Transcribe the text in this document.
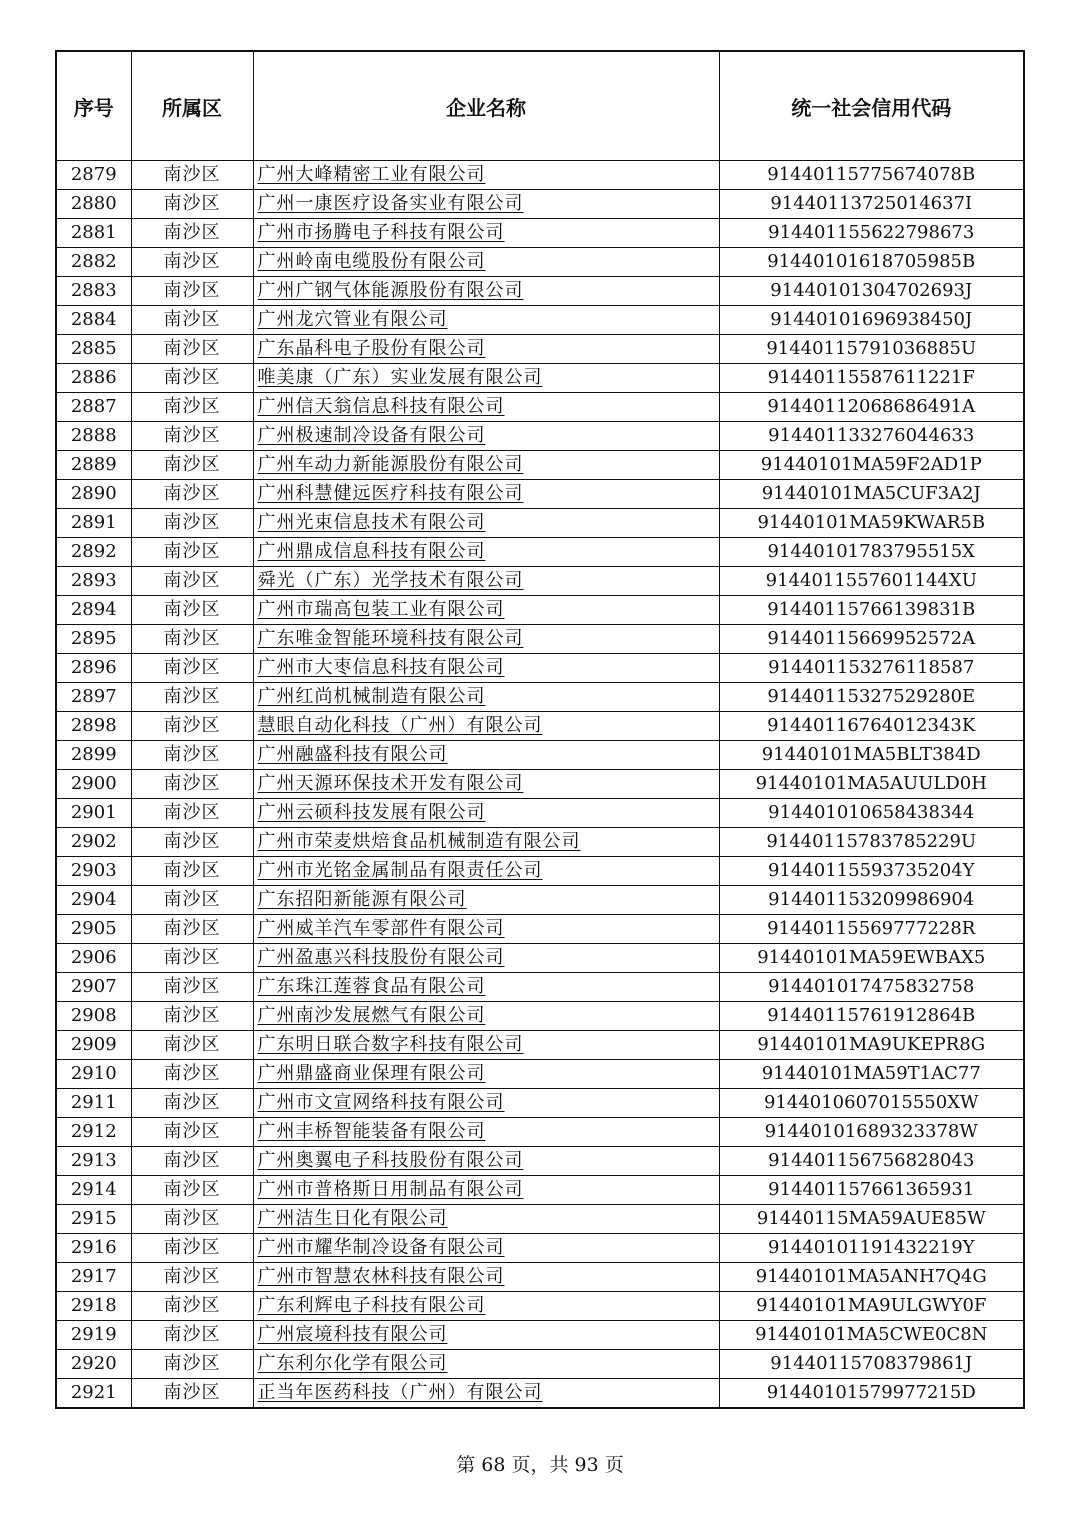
序号	所属区	企业名称	统一社会信用代码
2879	南沙区	广州大峰精密工业有限公司	91440115775674078B
2880	南沙区	广州一康医疗设备实业有限公司	91440113725014637I
2881	南沙区	广州市扬腾电子科技有限公司	914401155622798673
2882	南沙区	广州岭南电缆股份有限公司	91440101618705985B
2883	南沙区	广州广钢气体能源股份有限公司	91440101304702693J
2884	南沙区	广州龙穴管业有限公司	91440101696938450J
2885	南沙区	广东晶科电子股份有限公司	91440115791036885U
2886	南沙区	唯美康（广东）实业发展有限公司	91440115587611221F
2887	南沙区	广州信天翁信息科技有限公司	91440112068686491A
2888	南沙区	广州极速制冷设备有限公司	914401133276044633
2889	南沙区	广州车动力新能源股份有限公司	91440101MA59F2AD1P
2890	南沙区	广州科慧健远医疗科技有限公司	91440101MA5CUF3A2J
2891	南沙区	广州光束信息技术有限公司	91440101MA59KWAR5B
2892	南沙区	广州鼎成信息科技有限公司	91440101783795515X
2893	南沙区	舜光（广东）光学技术有限公司	9144011557601144XU
2894	南沙区	广州市瑞高包装工业有限公司	91440115766139831B
2895	南沙区	广东唯金智能环境科技有限公司	91440115669952572A
2896	南沙区	广州市大枣信息科技有限公司	914401153276118587
2897	南沙区	广州红尚机械制造有限公司	91440115327529280E
2898	南沙区	慧眼自动化科技（广州）有限公司	91440116764012343K
2899	南沙区	广州融盛科技有限公司	91440101MA5BLT384D
2900	南沙区	广州天源环保技术开发有限公司	91440101MA5AUULD0H
2901	南沙区	广州云硕科技发展有限公司	914401010658438344
2902	南沙区	广州市荣麦烘焙食品机械制造有限公司	91440115783785229U
2903	南沙区	广州市光铭金属制品有限责任公司	91440115593735204Y
2904	南沙区	广东招阳新能源有限公司	914401153209986904
2905	南沙区	广州威羊汽车零部件有限公司	91440115569777228R
2906	南沙区	广州盈惠兴科技股份有限公司	91440101MA59EWBAX5
2907	南沙区	广东珠江莲蓉食品有限公司	914401017475832758
2908	南沙区	广州南沙发展燃气有限公司	91440115761912864B
2909	南沙区	广东明日联合数字科技有限公司	91440101MA9UKEPR8G
2910	南沙区	广州鼎盛商业保理有限公司	91440101MA59T1AC77
2911	南沙区	广州市文宣网络科技有限公司	9144010607015550XW
2912	南沙区	广州丰桥智能装备有限公司	91440101689323378W
2913	南沙区	广州奥翼电子科技股份有限公司	914401156756828043
2914	南沙区	广州市普格斯日用制品有限公司	914401157661365931
2915	南沙区	广州洁生日化有限公司	91440115MA59AUE85W
2916	南沙区	广州市耀华制冷设备有限公司	91440101191432219Y
2917	南沙区	广州市智慧农林科技有限公司	91440101MA5ANH7Q4G
2918	南沙区	广东利辉电子科技有限公司	91440101MA9ULGWY0F
2919	南沙区	广州宸境科技有限公司	91440101MA5CWE0C8N
2920	南沙区	广东利尔化学有限公司	91440115708379861J
2921	南沙区	正当年医药科技（广州）有限公司	91440101579977215D
第 68 页，共 93 页
